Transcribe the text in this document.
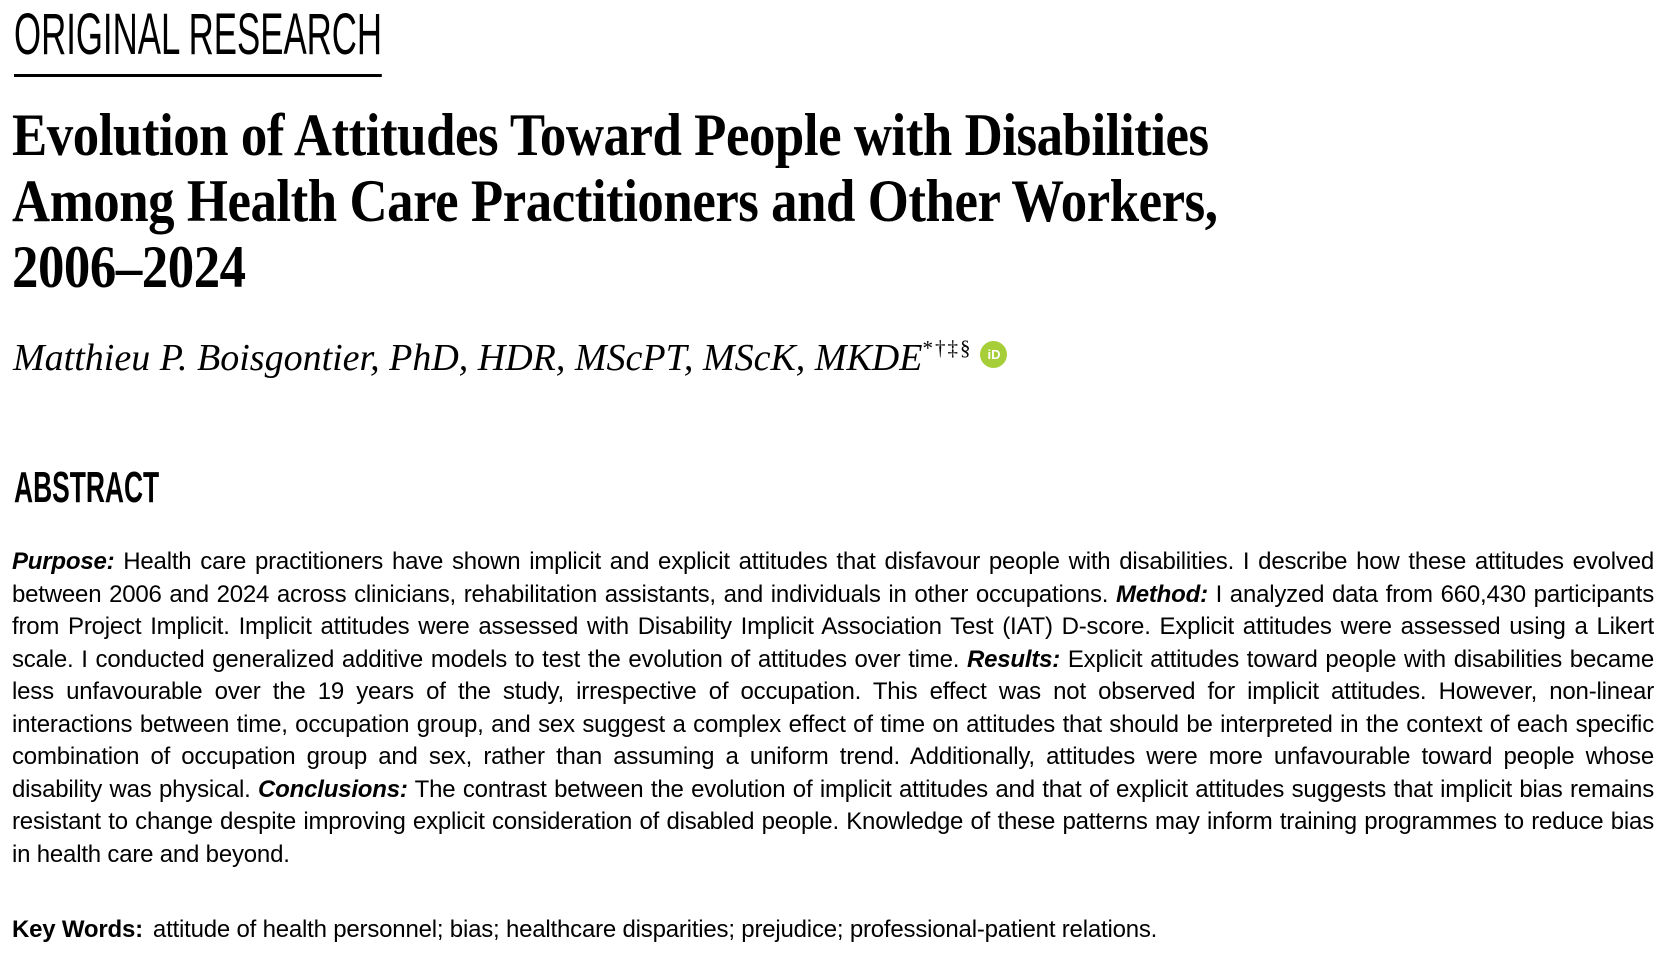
ORIGINAL RESEARCH
Evolution of Attitudes Toward People with Disabilities
Among Health Care Practitioners and Other Workers,
2006–2024
Matthieu P. Boisgontier, PhD, HDR, MScPT, MScK, MKDE*†‡§ iD
ABSTRACT

Purpose: Health care practitioners have shown implicit and explicit attitudes that disfavour people with disabilities. I describe how these attitudes evolved between 2006 and 2024 across clinicians, rehabilitation assistants, and individuals in other occupations. Method: I analyzed data from 660,430 participants from Project Implicit. Implicit attitudes were assessed with Disability Implicit Association Test (IAT) D-score. Explicit attitudes were assessed using a Likert scale. I conducted generalized additive models to test the evolution of attitudes over time. Results: Explicit attitudes toward people with disabilities became less unfavourable over the 19 years of the study, irrespective of occupation. This effect was not observed for implicit attitudes. However, non-linear interactions between time, occupation group, and sex suggest a complex effect of time on attitudes that should be interpreted in the context of each specific combination of occupation group and sex, rather than assuming a uniform trend. Additionally, attitudes were more unfavourable toward people whose disability was physical. Conclusions: The contrast between the evolution of implicit attitudes and that of explicit attitudes suggests that implicit bias remains resistant to change despite improving explicit consideration of disabled people. Knowledge of these patterns may inform training programmes to reduce bias in health care and beyond.

Key Words: attitude of health personnel; bias; healthcare disparities; prejudice; professional-patient relations.
